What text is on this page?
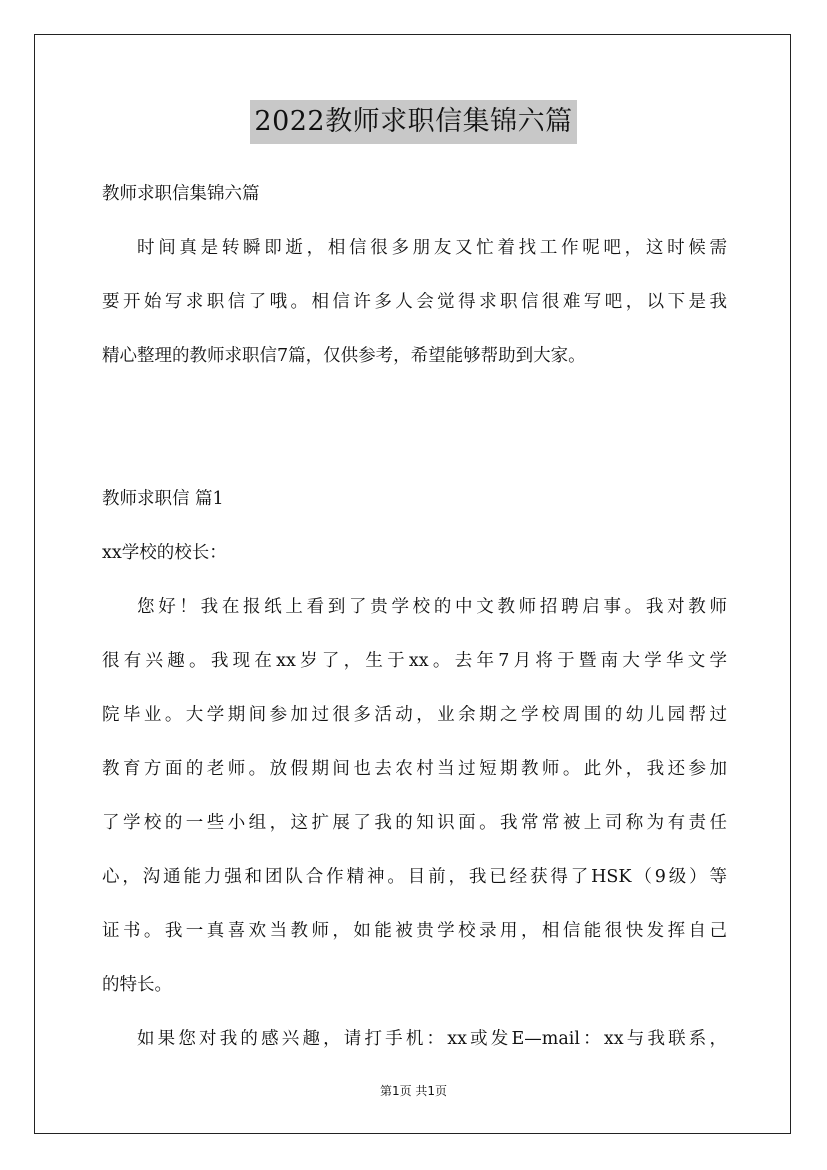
2022教师求职信集锦六篇

教师求职信集锦六篇

时间真是转瞬即逝，相信很多朋友又忙着找工作呢吧，这时候需

要开始写求职信了哦。相信许多人会觉得求职信很难写吧，以下是我

精心整理的教师求职信7篇，仅供参考，希望能够帮助到大家。

教师求职信 篇1

xx学校的校长：

您好！我在报纸上看到了贵学校的中文教师招聘启事。我对教师

很有兴趣。我现在xx岁了，生于xx。去年7月将于暨南大学华文学

院毕业。大学期间参加过很多活动，业余期之学校周围的幼儿园帮过

教育方面的老师。放假期间也去农村当过短期教师。此外，我还参加

了学校的一些小组，这扩展了我的知识面。我常常被上司称为有责任

心，沟通能力强和团队合作精神。目前，我已经获得了HSK（9级）等

证书。我一真喜欢当教师，如能被贵学校录用，相信能很快发挥自己

的特长。

如果您对我的感兴趣，请打手机：xx或发E—mail：xx与我联系，

第1页 共1页
